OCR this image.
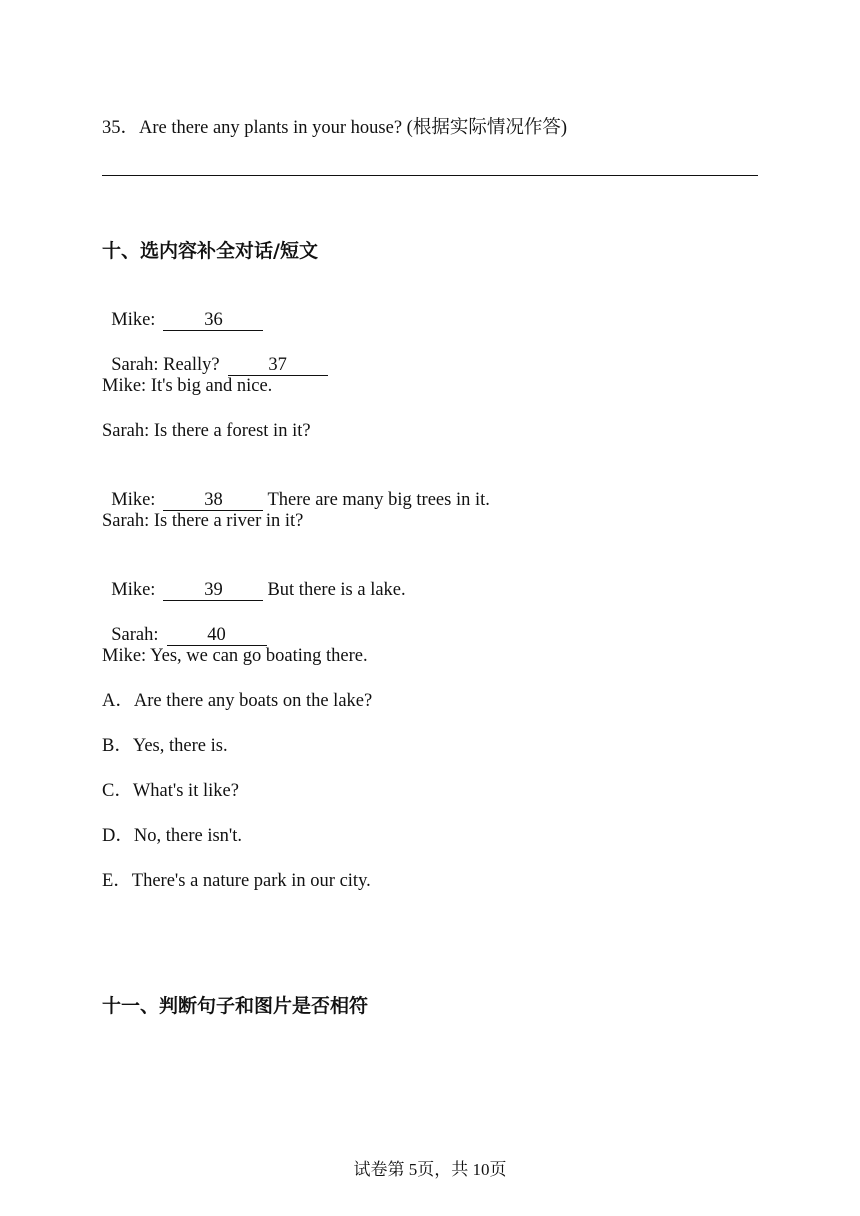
35．Are there any plants in your house? (根据实际情况作答)
十、选内容补全对话/短文

Mike:	36

Sarah: Really?	37

Mike: It's big and nice.
Sarah: Is there a forest in it?

Mike:	38 There are many big trees in it.

Sarah: Is there a river in it?

Mike:	39 But there is a lake.

Sarah:	40

Mike: Yes, we can go boating there.
A．Are there any boats on the lake?
B．Yes, there is.
C．What's it like?
D．No, there isn't.
E．There's a nature park in our city.
十一、判断句子和图片是否相符
试卷第 5页，共 10页
